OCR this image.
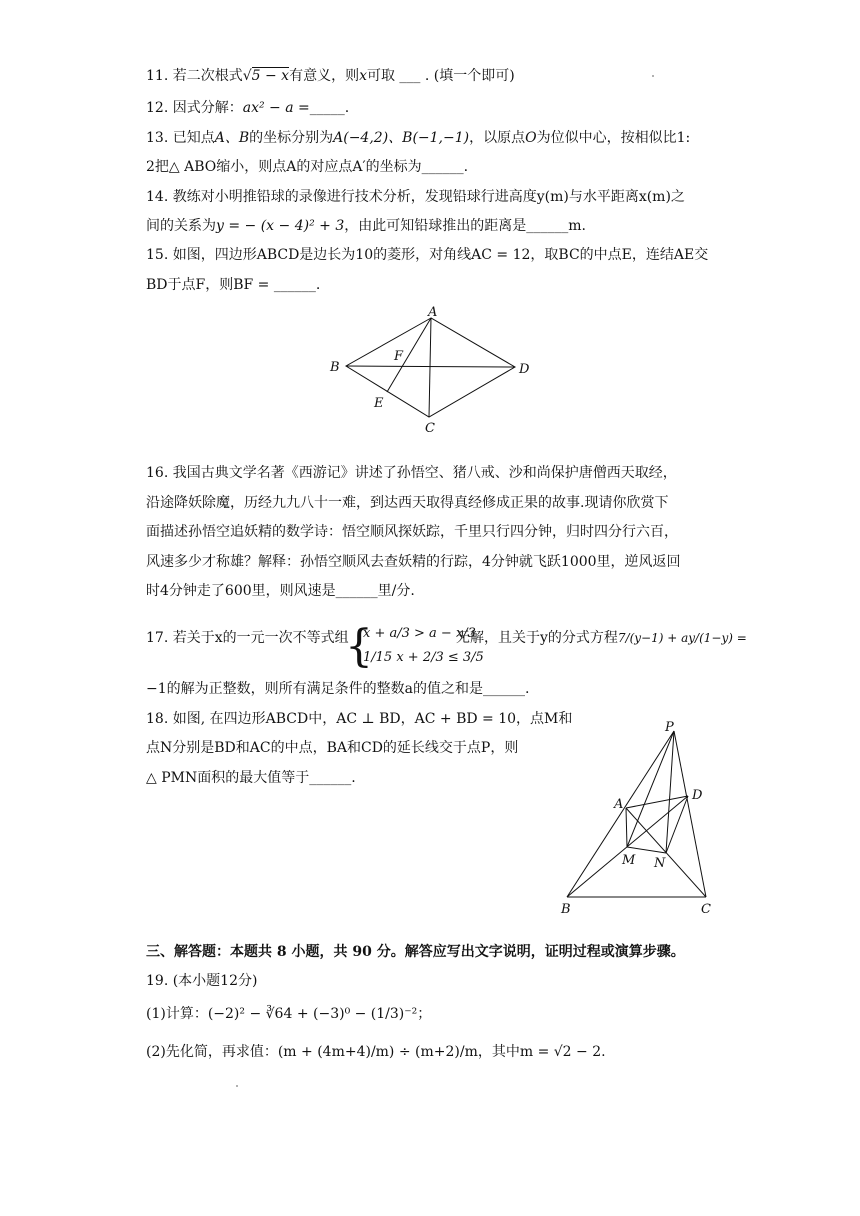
11. 若二次根式√5 − x有意义，则x可取 ___ . (填一个即可)
12. 因式分解：ax² − a =_____.
13. 已知点A、B的坐标分别为A(−4,2)、B(−1,−1)，以原点O为位似中心，按相似比1:
2把△ ABO缩小，则点A的对应点A′的坐标为______.
14. 教练对小明推铅球的录像进行技术分析，发现铅球行进高度y(m)与水平距离x(m)之
间的关系为y = − (x − 4)² + 3，由此可知铅球推出的距离是______m.
15. 如图，四边形ABCD是边长为10的菱形，对角线AC = 12，取BC的中点E，连结AE交
BD于点F，则BF = ______.
A
B
C
D
E
F
16. 我国古典文学名著《西游记》讲述了孙悟空、猪八戒、沙和尚保护唐僧西天取经，
沿途降妖除魔，历经九九八十一难，到达西天取得真经修成正果的故事.现请你欣赏下
面描述孙悟空追妖精的数学诗：悟空顺风探妖踪，千里只行四分钟，归时四分行六百，
风速多少才称雄？解释：孙悟空顺风去查妖精的行踪，4分钟就飞跃1000里，逆风返回
时4分钟走了600里，则风速是______里/分.
17. 若关于x的一元一次不等式组
{
x + a/3 > a − x/3
1/15 x + 2/3 ≤ 3/5
无解，且关于y的分式方程7/(y−1) + ay/(1−y) =
−1的解为正整数，则所有满足条件的整数a的值之和是______.
18. 如图, 在四边形ABCD中，AC ⊥ BD，AC + BD = 10，点M和
点N分别是BD和AC的中点，BA和CD的延长线交于点P，则
△ PMN面积的最大值等于______.
P
A
D
M N
B	C
三、解答题：本题共 8 小题，共 90 分。解答应写出文字说明，证明过程或演算步骤。
19. (本小题12分)
(1)计算：(−2)² − ∛64 + (−3)⁰ − (1/3)⁻²；
(2)先化简，再求值：(m + (4m+4)/m) ÷ (m+2)/m，其中m = √2 − 2.
